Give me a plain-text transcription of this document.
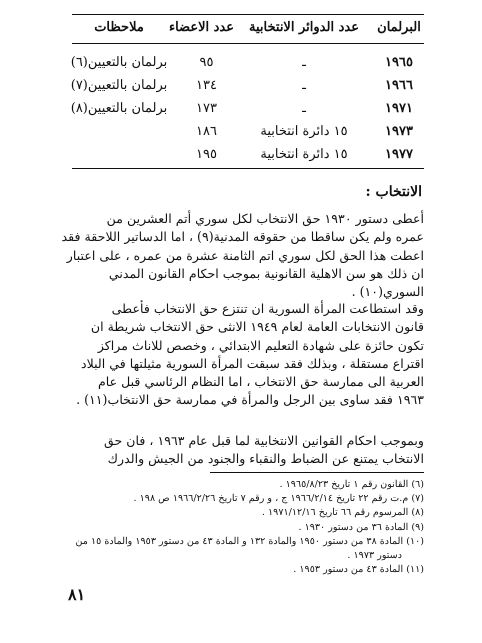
البرلمان
عدد الدوائر الانتخابية
عدد الاعضاء
ملاحظات
١٩٦٥
ـ
٩٥
برلمان بالتعيين(٦)
١٩٦٦
ـ
١٣٤
برلمان بالتعيين(٧)
١٩٧١
ـ
١٧٣
برلمان بالتعيين(٨)
١٩٧٣
١٥ دائرة انتخابية
١٨٦
١٩٧٧
١٥ دائرة انتخابية
١٩٥
الانتخاب :
أعطى دستور ١٩٣٠ حق الانتخاب لكل سوري أتم العشرين من
عمره ولم يكن ساقطا من حقوقه المدنية(٩) ، اما الدساتير اللاحقة فقد
اعطت هذا الحق لكل سوري اتم الثامنة عشرة من عمره ، على اعتبار
ان ذلك هو سن الاهلية القانونية بموجب احكام القانون المدني
السوري(١٠) .
وقد استطاعت المرأة السورية ان تنتزع حق الانتخاب فأعطى
قانون الانتخابات العامة لعام ١٩٤٩ الانثى حق الانتخاب شريطة ان
تكون حائزة على شهادة التعليم الابتدائي ، وخصص للاناث مراكز
اقتراع مستقلة ، وبذلك فقد سبقت المرأة السورية مثيلتها في البلاد
العربية الى ممارسة حق الانتخاب ، اما النظام الرئاسي قبل عام
١٩٦٣ فقد ساوى بين الرجل والمرأة في ممارسة حق الانتخاب(١١) .
وبموجب احكام القوانين الانتخابية لما قبل عام ١٩٦٣ ، فان حق
الانتخاب يمتنع عن الضباط والنقباء والجنود من الجيش والدرك
(٦) القانون رقم ١ تاريخ ١٩٦٥/٨/٢٣ .
(٧) م.ت رقم ٢٢ تاريخ ١٩٦٦/٢/١٤ ج ، و رقم ٧ تاريخ ١٩٦٦/٢/٢٦ ص ١٩٨ .
(٨) المرسوم رقم ٦٦ تاريخ ١٩٧١/١٢/١٦ .
(٩) المادة ٣٦ من دستور ١٩٣٠ .
(١٠) المادة ٣٨ من دستور ١٩٥٠ والمادة ١٣٢ و المادة ٤٣ من دستور ١٩٥٣ والمادة ١٥ من
دستور ١٩٧٣ .
(١١) المادة ٤٣ من دستور ١٩٥٣ .
٨١
